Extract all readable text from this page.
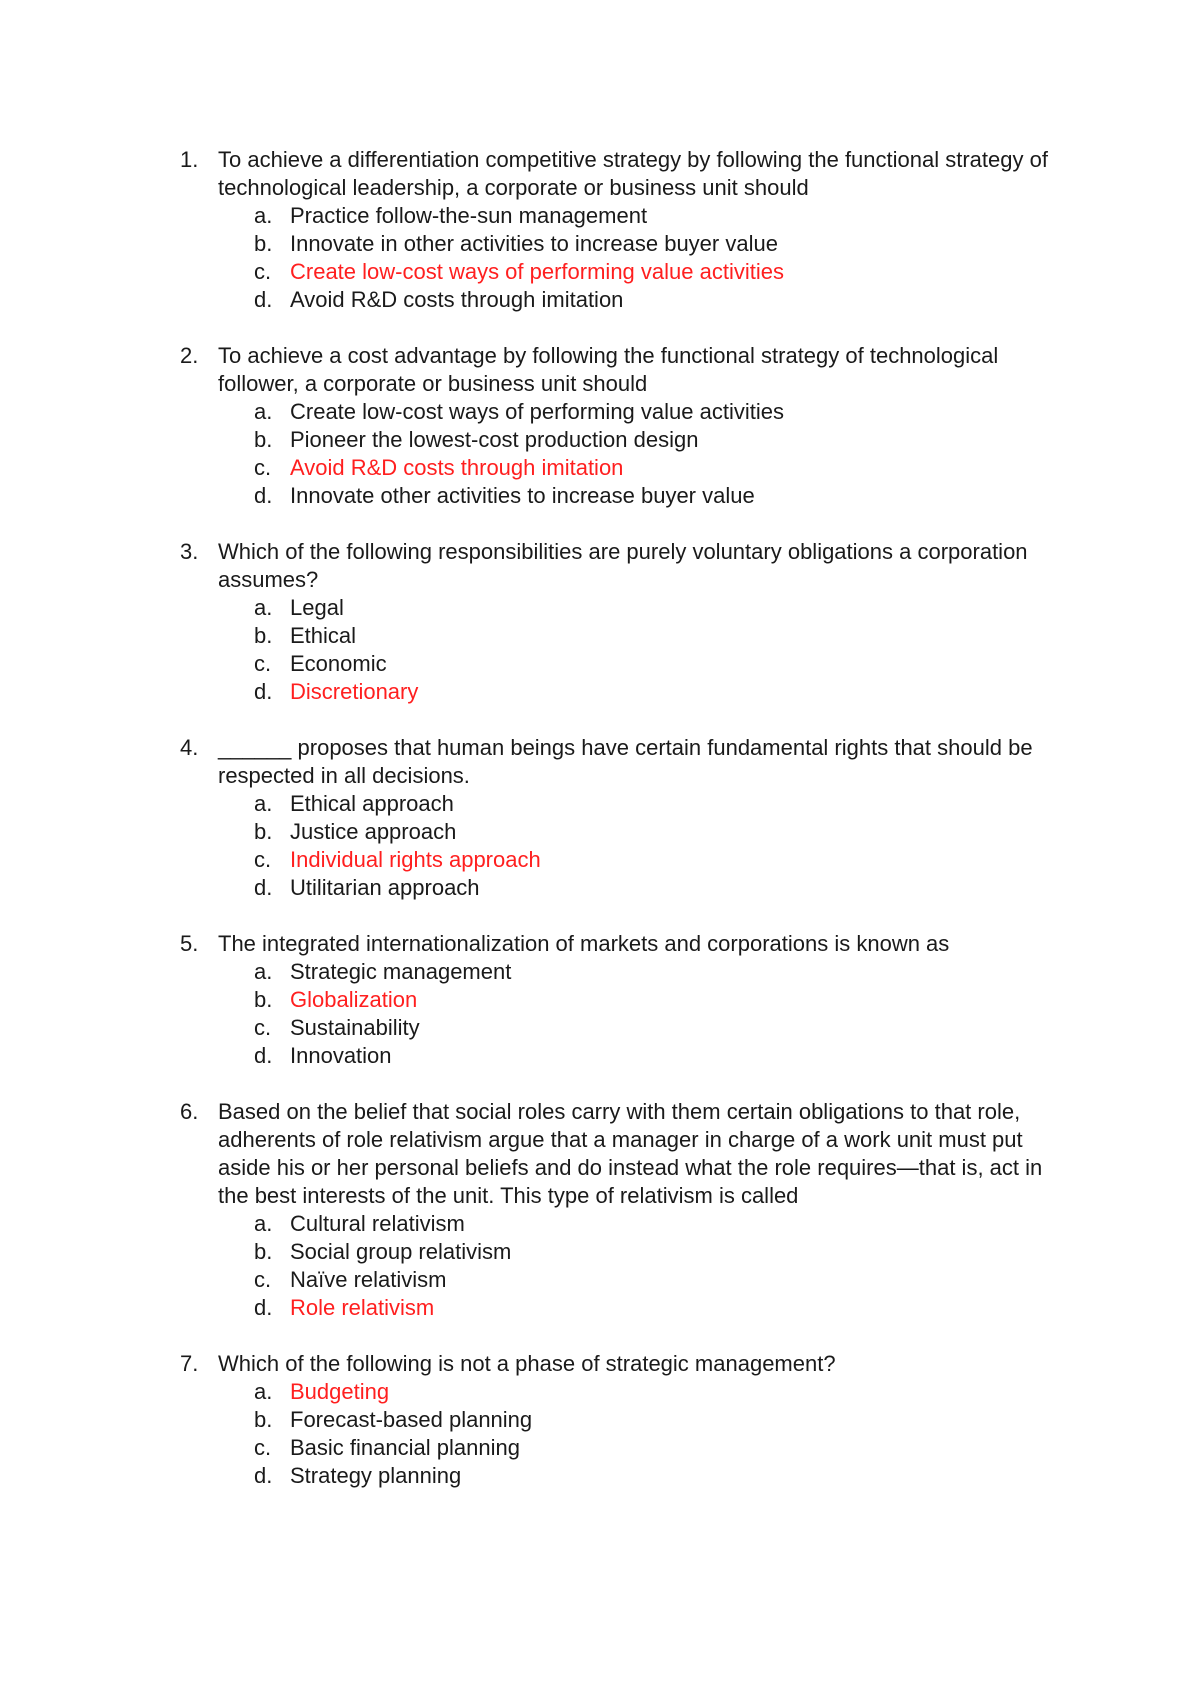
1. To achieve a differentiation competitive strategy by following the functional strategy of technological leadership, a corporate or business unit should
a. Practice follow-the-sun management
b. Innovate in other activities to increase buyer value
c. Create low-cost ways of performing value activities
d. Avoid R&D costs through imitation
2. To achieve a cost advantage by following the functional strategy of technological follower, a corporate or business unit should
a. Create low-cost ways of performing value activities
b. Pioneer the lowest-cost production design
c. Avoid R&D costs through imitation
d. Innovate other activities to increase buyer value
3. Which of the following responsibilities are purely voluntary obligations a corporation assumes?
a. Legal
b. Ethical
c. Economic
d. Discretionary
4. ______ proposes that human beings have certain fundamental rights that should be respected in all decisions.
a. Ethical approach
b. Justice approach
c. Individual rights approach
d. Utilitarian approach
5. The integrated internationalization of markets and corporations is known as
a. Strategic management
b. Globalization
c. Sustainability
d. Innovation
6. Based on the belief that social roles carry with them certain obligations to that role, adherents of role relativism argue that a manager in charge of a work unit must put aside his or her personal beliefs and do instead what the role requires—that is, act in the best interests of the unit. This type of relativism is called
a. Cultural relativism
b. Social group relativism
c. Naïve relativism
d. Role relativism
7. Which of the following is not a phase of strategic management?
a. Budgeting
b. Forecast-based planning
c. Basic financial planning
d. Strategy planning
